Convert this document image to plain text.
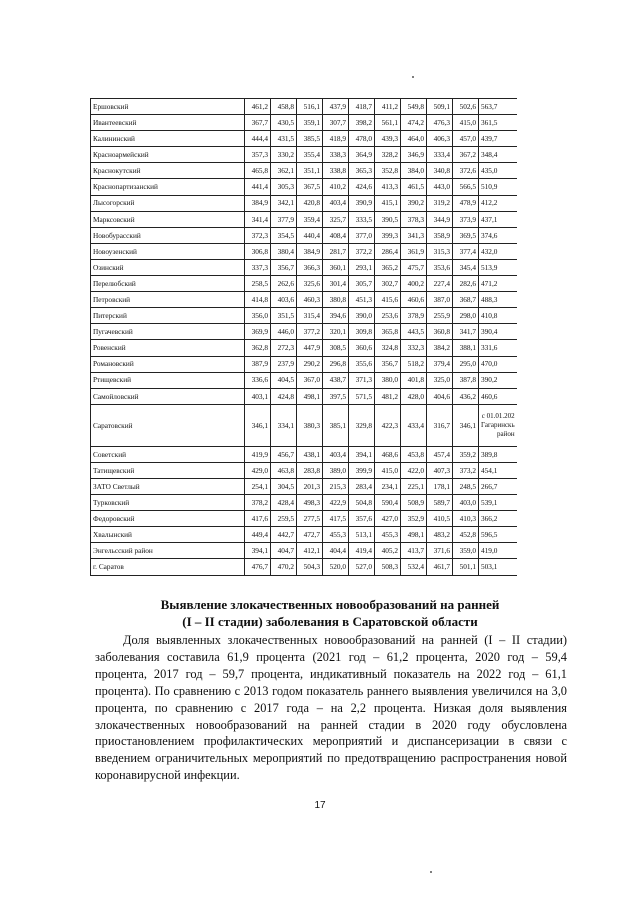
Ершовский	461,2	458,8	516,1	437,9	418,7	411,2	549,8	509,1	502,6	563,7
Ивантеевский	367,7	430,5	359,1	307,7	398,2	561,1	474,2	476,3	415,0	361,5
Калининский	444,4	431,5	385,5	418,9	478,0	439,3	464,0	406,3	457,0	439,7
Красноармейский	357,3	330,2	355,4	338,3	364,9	328,2	346,9	333,4	367,2	348,4
Краснокутский	465,8	362,1	351,1	338,8	365,3	352,8	384,0	340,8	372,6	435,0
Краснопартизанский	441,4	305,3	367,5	410,2	424,6	413,3	461,5	443,0	566,5	510,9
Лысогорский	384,9	342,1	420,8	403,4	390,9	415,1	390,2	319,2	478,9	412,2
Марксовский	341,4	377,9	359,4	325,7	333,5	390,5	378,3	344,9	373,9	437,1
Новобурасский	372,3	354,5	440,4	408,4	377,0	399,3	341,3	358,9	369,5	374,6
Новоузенский	306,8	380,4	384,9	281,7	372,2	286,4	361,9	315,3	377,4	432,0
Озинский	337,3	356,7	366,3	360,1	293,1	365,2	475,7	353,6	345,4	513,9
Перелюбский	258,5	262,6	325,6	301,4	305,7	302,7	400,2	227,4	282,6	471,2
Петровский	414,8	403,6	460,3	380,8	451,3	415,6	460,6	387,0	368,7	488,3
Питерский	356,0	351,5	315,4	394,6	390,0	253,6	378,9	255,9	298,0	410,8
Пугачевский	369,9	446,0	377,2	320,1	309,8	365,8	443,5	360,8	341,7	390,4
Ровенский	362,8	272,3	447,9	308,5	360,6	324,8	332,3	384,2	388,1	331,6
Романовский	387,9	237,9	290,2	296,8	355,6	356,7	518,2	379,4	295,0	470,0
Ртищевский	336,6	404,5	367,0	438,7	371,3	380,0	401,8	325,0	387,8	390,2
Самойловский	403,1	424,8	498,1	397,5	571,5	481,2	428,0	404,6	436,2	460,6
Саратовский	346,1	334,1	380,3	385,1	329,8	422,3	433,4	316,7	346,1	с 01.01.202
Гагаринскь
район

Советский	419,9	456,7	438,1	403,4	394,1	468,6	453,8	457,4	359,2	389,8
Татищевский	429,0	463,8	283,8	389,0	399,9	415,0	422,0	407,3	373,2	454,1
ЗАТО Светлый	254,1	304,5	201,3	215,3	283,4	234,1	225,1	178,1	248,5	266,7
Турковский	378,2	428,4	498,3	422,9	504,8	590,4	508,9	589,7	403,0	539,1
Федоровский	417,6	259,5	277,5	417,5	357,6	427,0	352,9	410,5	410,3	366,2
Хвалынский	449,4	442,7	472,7	455,3	513,1	455,3	498,1	483,2	452,8	596,5
Энгельсский район	394,1	404,7	412,1	404,4	419,4	405,2	413,7	371,6	359,0	419,0
г. Саратов	476,7	470,2	504,3	520,0	527,0	508,3	532,4	461,7	501,1	503,1
Выявление злокачественных новообразований на ранней
(I – II стадии) заболевания в Саратовской области

Доля выявленных злокачественных новообразований на ранней (I – II стадии) заболевания составила 61,9 процента (2021 год – 61,2 процента, 2020 год – 59,4 процента, 2017 год – 59,7 процента, индикативный показатель на 2022 год – 61,1 процента). По сравнению с 2013 годом показатель раннего выявления увеличился на 3,0 процента, по сравнению с 2017 года – на 2,2 процента. Низкая доля выявления злокачественных новообразований на ранней стадии в 2020 году обусловлена приостановлением профилактических мероприятий и диспансеризации в связи с введением ограничительных мероприятий по предотвращению распространения новой коронавирусной инфекции.

17
